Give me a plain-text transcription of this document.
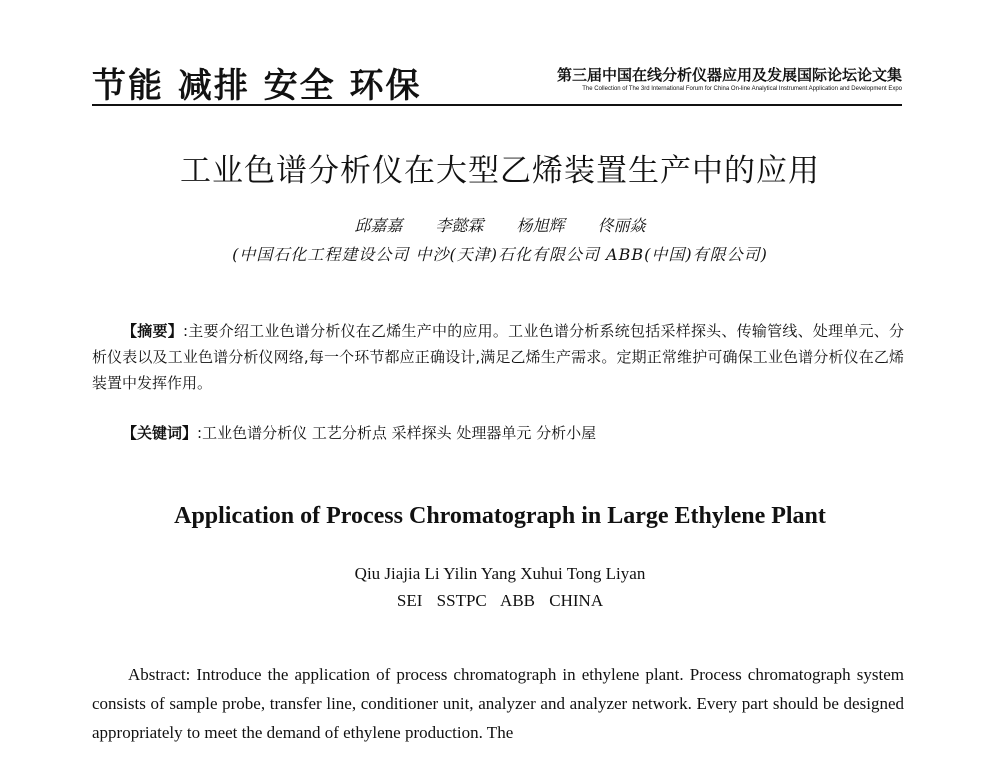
节能 减排 安全 环保	第三届中国在线分析仪器应用及发展国际论坛论文集
The Collection of The 3rd International Forum for China On-line Analytical Instrument Application and Development Expo
工业色谱分析仪在大型乙烯装置生产中的应用
邱嘉嘉 李懿霖 杨旭辉 佟丽焱
(中国石化工程建设公司 中沙(天津)石化有限公司 ABB(中国)有限公司)
【摘要】:主要介绍工业色谱分析仪在乙烯生产中的应用。工业色谱分析系统包括采样探头、传输管线、处理单元、分析仪表以及工业色谱分析仪网络,每一个环节都应正确设计,满足乙烯生产需求。定期正常维护可确保工业色谱分析仪在乙烯装置中发挥作用。
【关键词】:工业色谱分析仪 工艺分析点 采样探头 处理器单元 分析小屋
Application of Process Chromatograph in Large Ethylene Plant
Qiu Jiajia Li Yilin Yang Xuhui Tong Liyan
SEI SSTPC ABB CHINA
Abstract: Introduce the application of process chromatograph in ethylene plant. Process chromatograph system consists of sample probe, transfer line, conditioner unit, analyzer and analyzer network. Every part should be designed appropriately to meet the demand of ethylene production. The
